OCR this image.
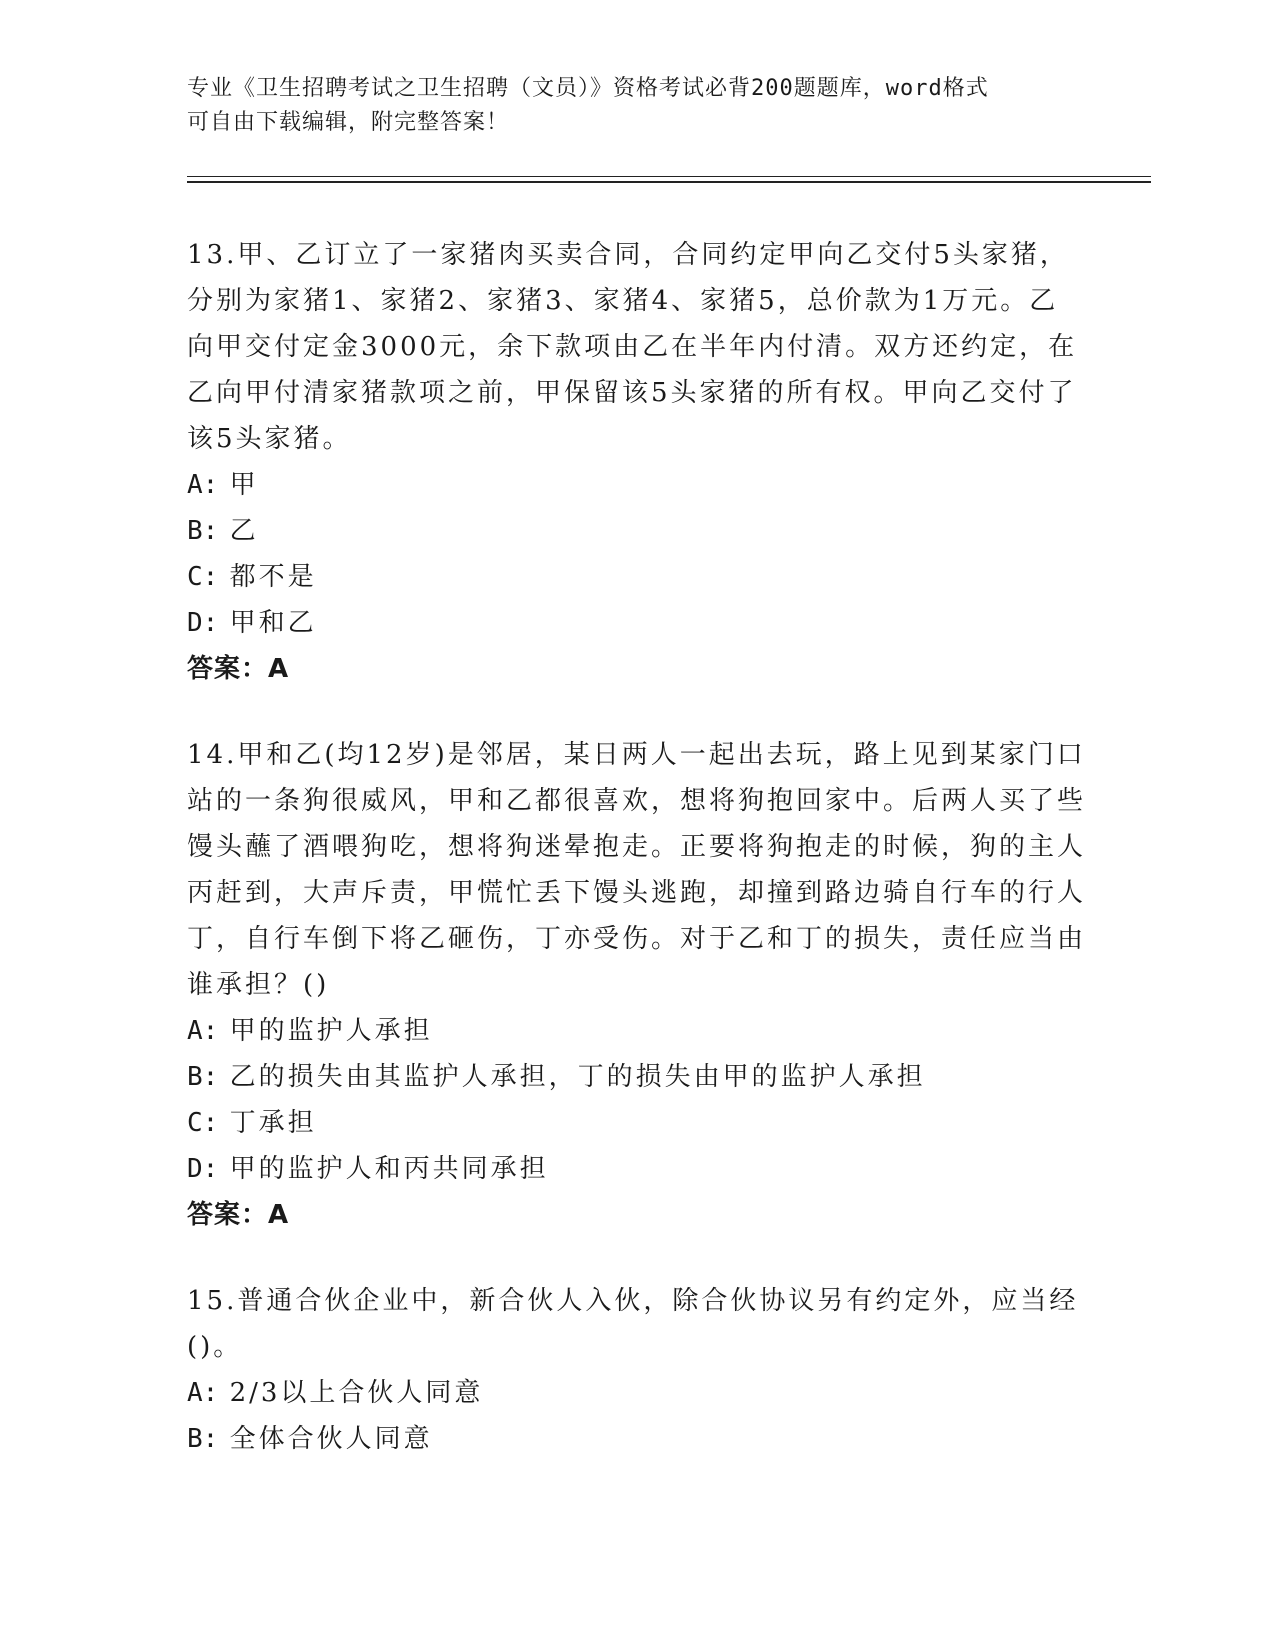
专业《卫生招聘考试之卫生招聘（文员）》资格考试必背200题题库，word格式

可自由下载编辑，附完整答案！

13.甲、乙订立了一家猪肉买卖合同，合同约定甲向乙交付5头家猪，分别为家猪1、家猪2、家猪3、家猪4、家猪5，总价款为1万元。乙向甲交付定金3000元，余下款项由乙在半年内付清。双方还约定，在乙向甲付清家猪款项之前，甲保留该5头家猪的所有权。甲向乙交付了该5头家猪。

A: 甲

B: 乙

C: 都不是

D: 甲和乙

答案：A

14.甲和乙(均12岁)是邻居，某日两人一起出去玩，路上见到某家门口站的一条狗很威风，甲和乙都很喜欢，想将狗抱回家中。后两人买了些馒头蘸了酒喂狗吃，想将狗迷晕抱走。正要将狗抱走的时候，狗的主人丙赶到，大声斥责，甲慌忙丢下馒头逃跑，却撞到路边骑自行车的行人丁，自行车倒下将乙砸伤，丁亦受伤。对于乙和丁的损失，责任应当由谁承担？()

A: 甲的监护人承担

B: 乙的损失由其监护人承担，丁的损失由甲的监护人承担

C: 丁承担

D: 甲的监护人和丙共同承担

答案：A

15.普通合伙企业中，新合伙人入伙，除合伙协议另有约定外，应当经()。

A: 2/3以上合伙人同意

B: 全体合伙人同意
